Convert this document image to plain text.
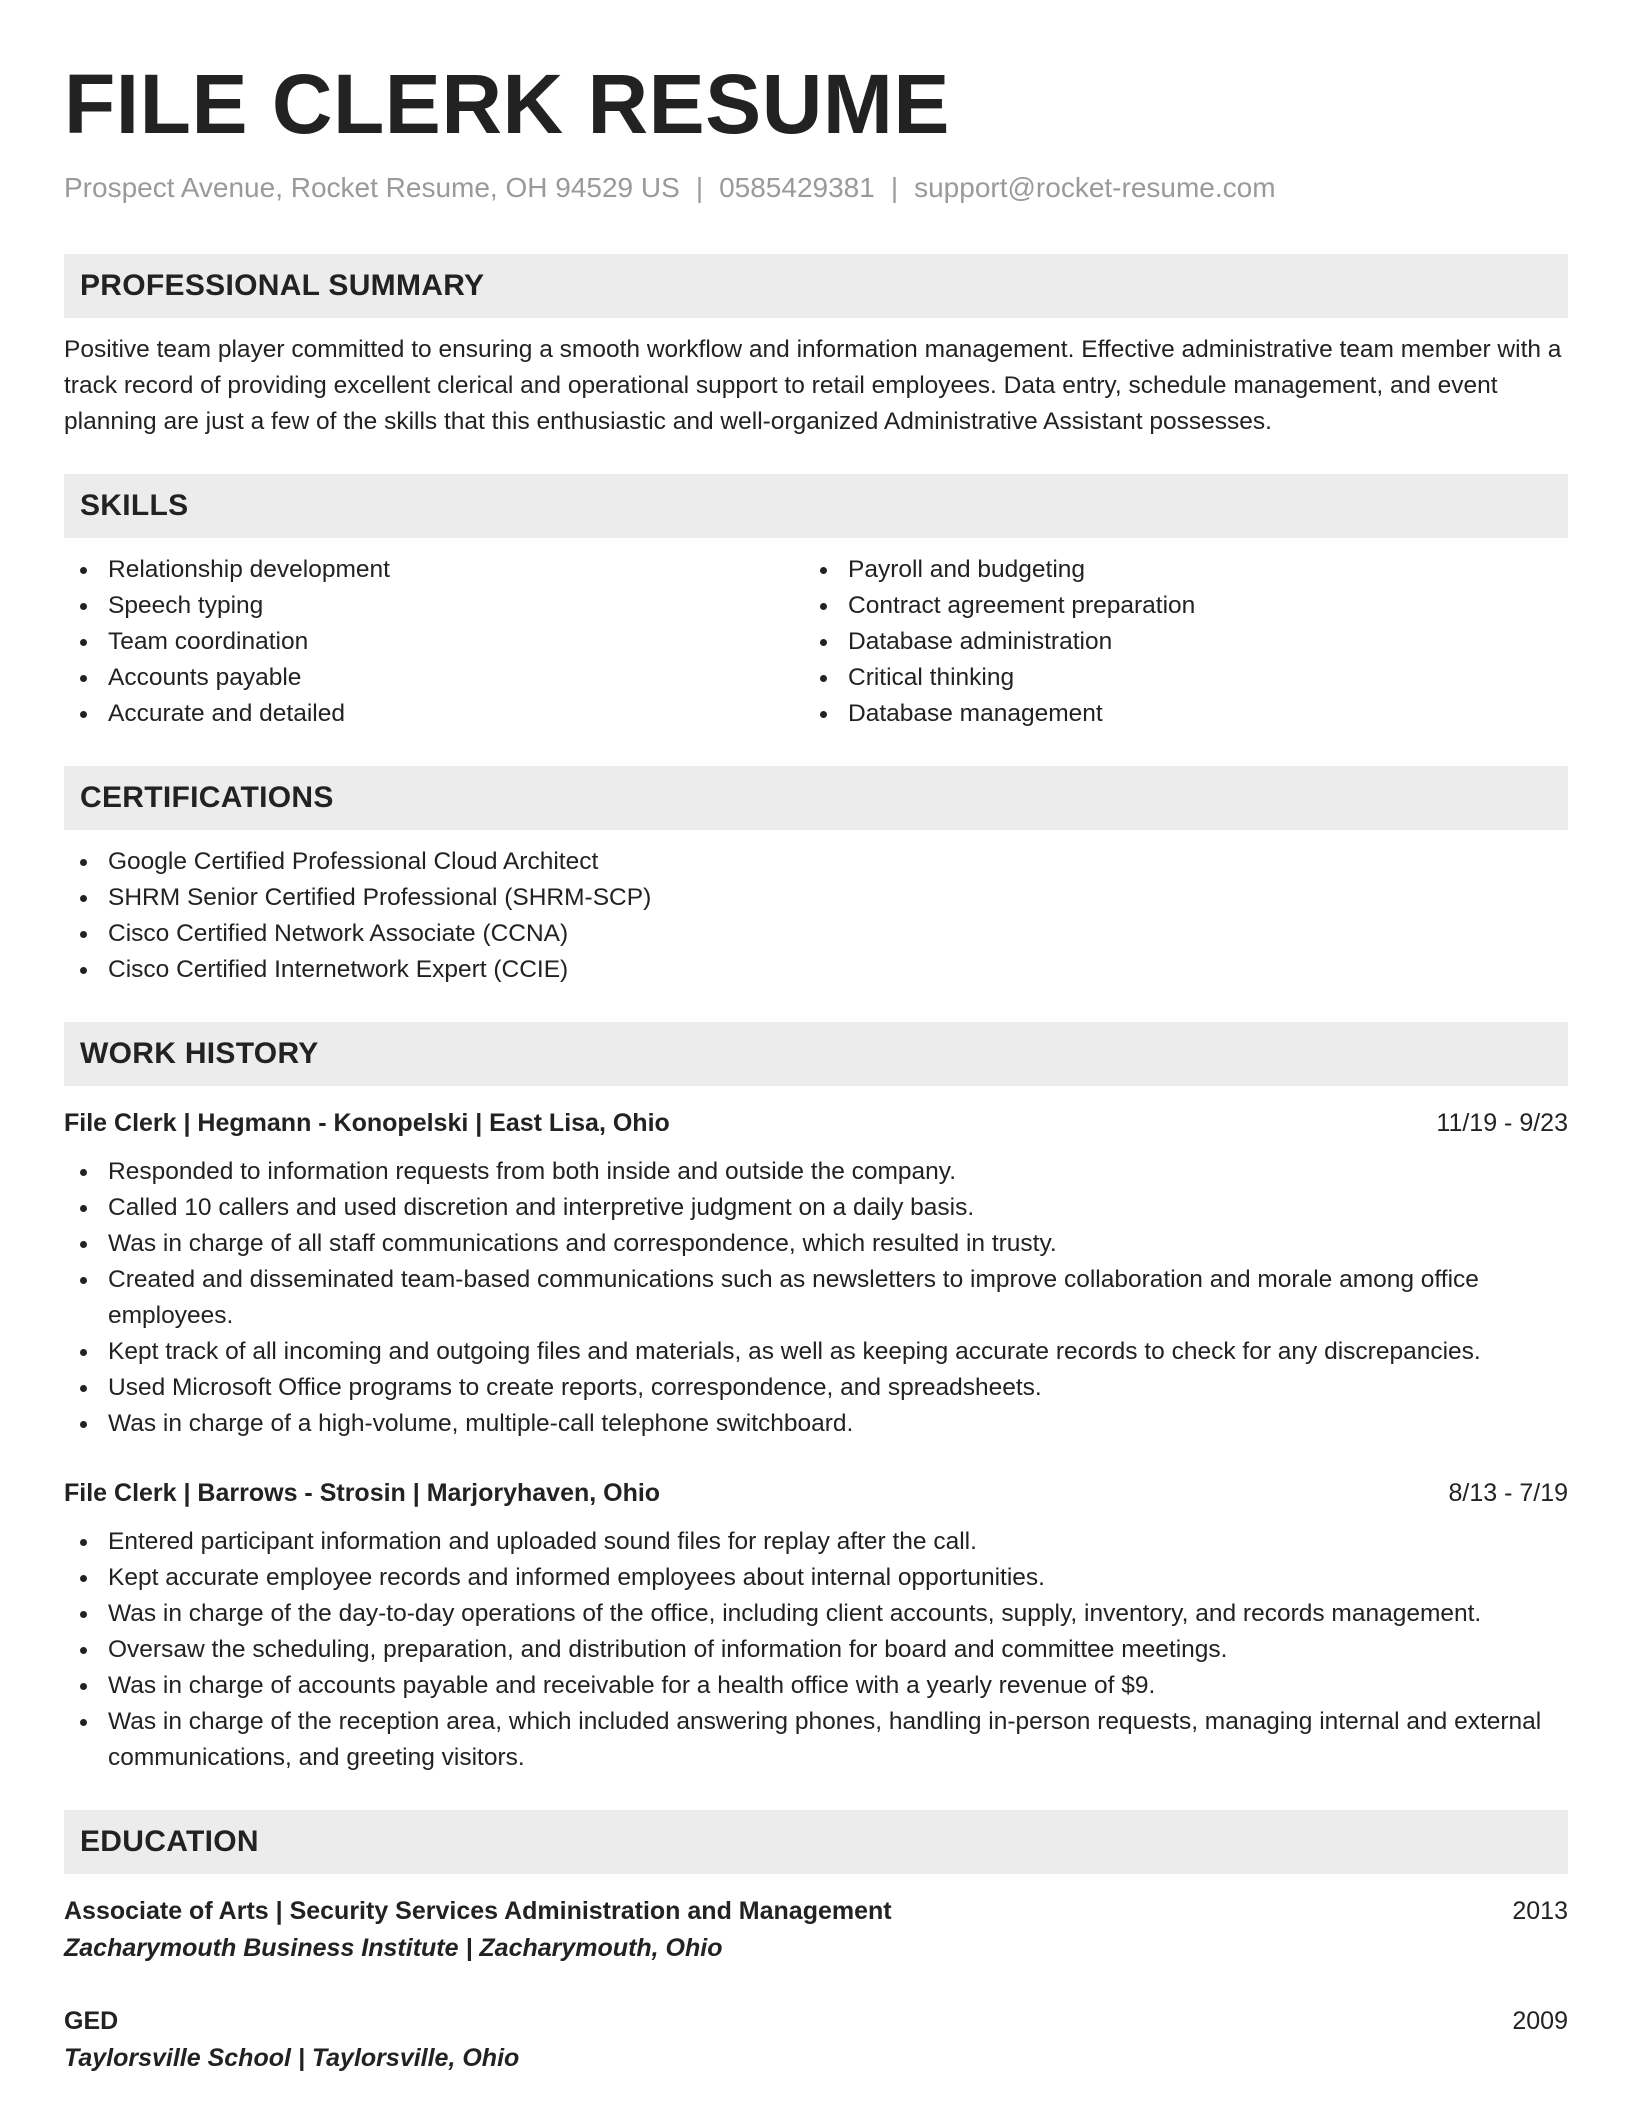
FILE CLERK RESUME
Prospect Avenue, Rocket Resume, OH 94529 US | 0585429381 | support@rocket-resume.com
PROFESSIONAL SUMMARY
Positive team player committed to ensuring a smooth workflow and information management. Effective administrative team member with a track record of providing excellent clerical and operational support to retail employees. Data entry, schedule management, and event planning are just a few of the skills that this enthusiastic and well-organized Administrative Assistant possesses.
SKILLS
Relationship development
Speech typing
Team coordination
Accounts payable
Accurate and detailed
Payroll and budgeting
Contract agreement preparation
Database administration
Critical thinking
Database management
CERTIFICATIONS
Google Certified Professional Cloud Architect
SHRM Senior Certified Professional (SHRM-SCP)
Cisco Certified Network Associate (CCNA)
Cisco Certified Internetwork Expert (CCIE)
WORK HISTORY
File Clerk | Hegmann - Konopelski | East Lisa, Ohio	11/19 - 9/23
Responded to information requests from both inside and outside the company.
Called 10 callers and used discretion and interpretive judgment on a daily basis.
Was in charge of all staff communications and correspondence, which resulted in trusty.
Created and disseminated team-based communications such as newsletters to improve collaboration and morale among office employees.
Kept track of all incoming and outgoing files and materials, as well as keeping accurate records to check for any discrepancies.
Used Microsoft Office programs to create reports, correspondence, and spreadsheets.
Was in charge of a high-volume, multiple-call telephone switchboard.
File Clerk | Barrows - Strosin | Marjoryhaven, Ohio	8/13 - 7/19
Entered participant information and uploaded sound files for replay after the call.
Kept accurate employee records and informed employees about internal opportunities.
Was in charge of the day-to-day operations of the office, including client accounts, supply, inventory, and records management.
Oversaw the scheduling, preparation, and distribution of information for board and committee meetings.
Was in charge of accounts payable and receivable for a health office with a yearly revenue of $9.
Was in charge of the reception area, which included answering phones, handling in-person requests, managing internal and external communications, and greeting visitors.
EDUCATION
Associate of Arts | Security Services Administration and Management	2013
Zacharymouth Business Institute | Zacharymouth, Ohio
GED	2009
Taylorsville School | Taylorsville, Ohio
